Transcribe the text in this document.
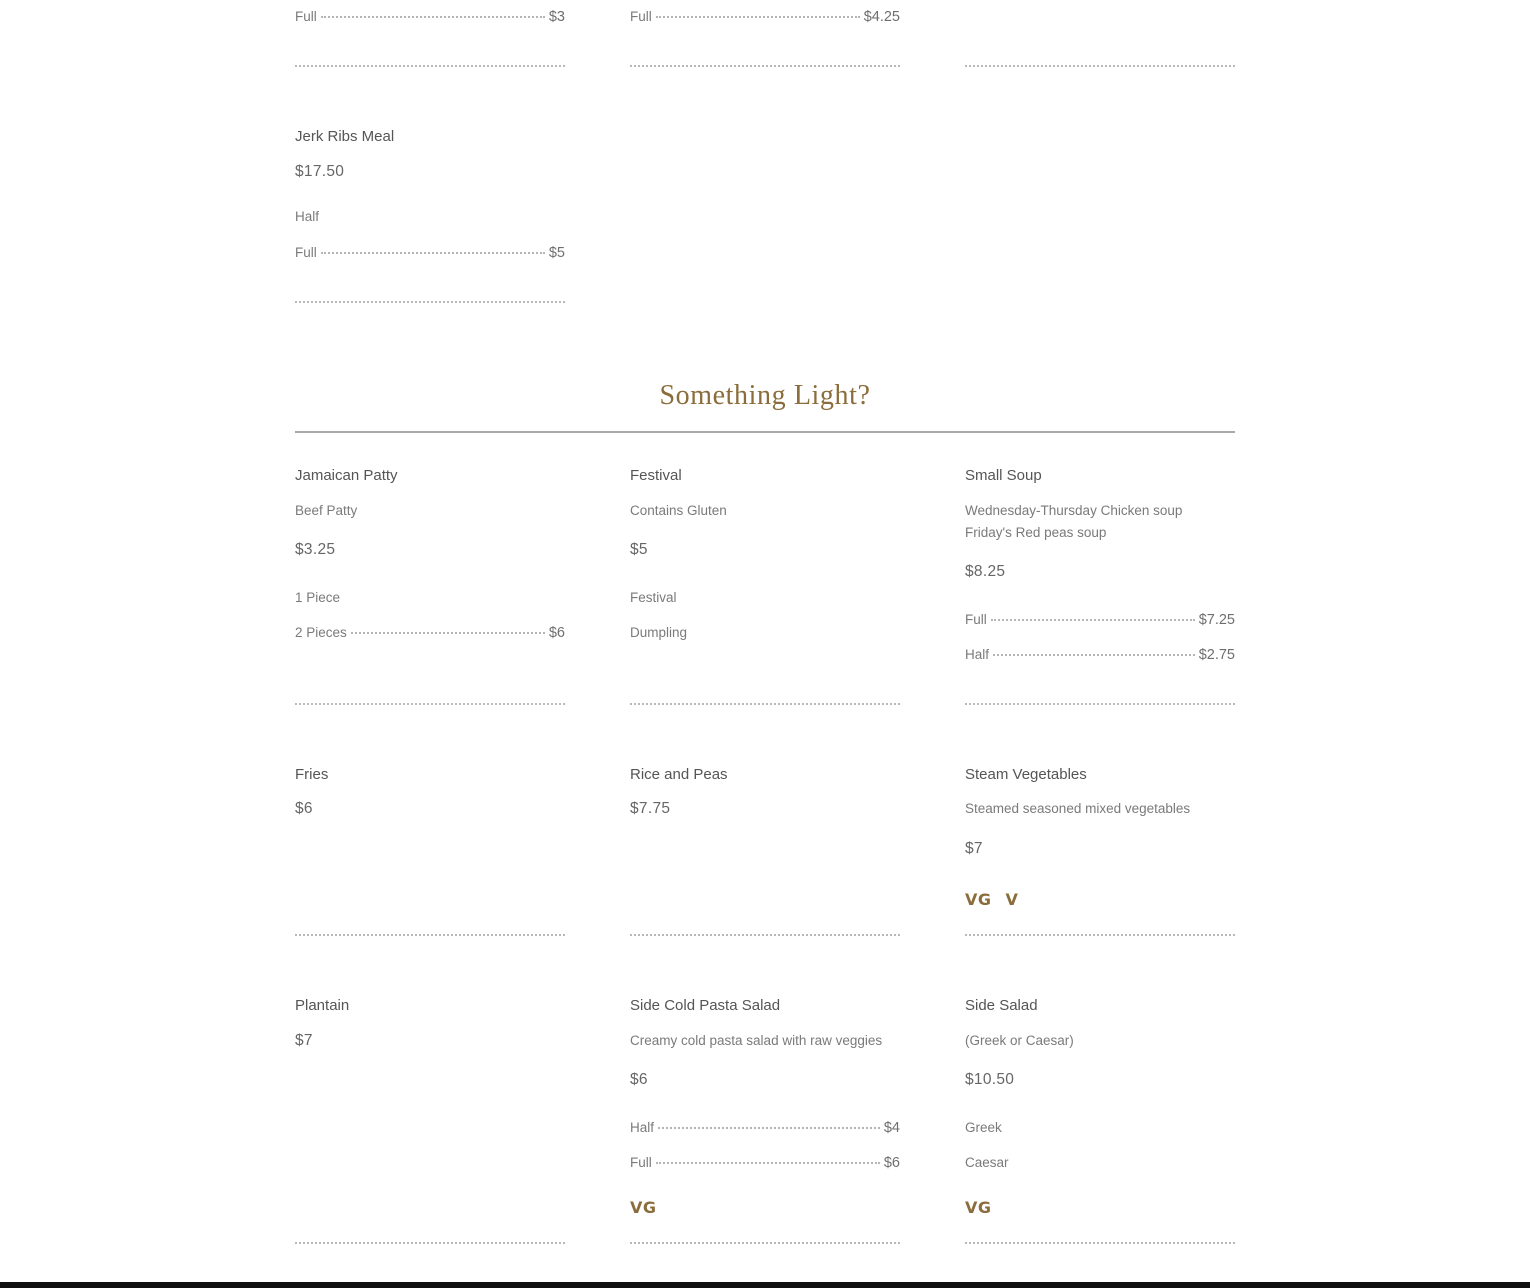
Full	$3	Full	$4.25
Jerk Ribs Meal
$17.50
Half
Full	$5
Something Light?
Jamaican Patty
Beef Patty
$3.25
1 Piece
2 Pieces	$6
Festival
Contains Gluten
$5
Festival
Dumpling
Small Soup
Wednesday-Thursday Chicken soup Friday's Red peas soup
$8.25
Full	$7.25
Half	$2.75
Fries
$6
Rice and Peas
$7.75
Steam Vegetables
Steamed seasoned mixed vegetables
$7
VG V
Plantain
$7
Side Cold Pasta Salad
Creamy cold pasta salad with raw veggies
$6
Half	$4
Full	$6
VG
Side Salad
(Greek or Caesar)
$10.50
Greek
Caesar
VG
